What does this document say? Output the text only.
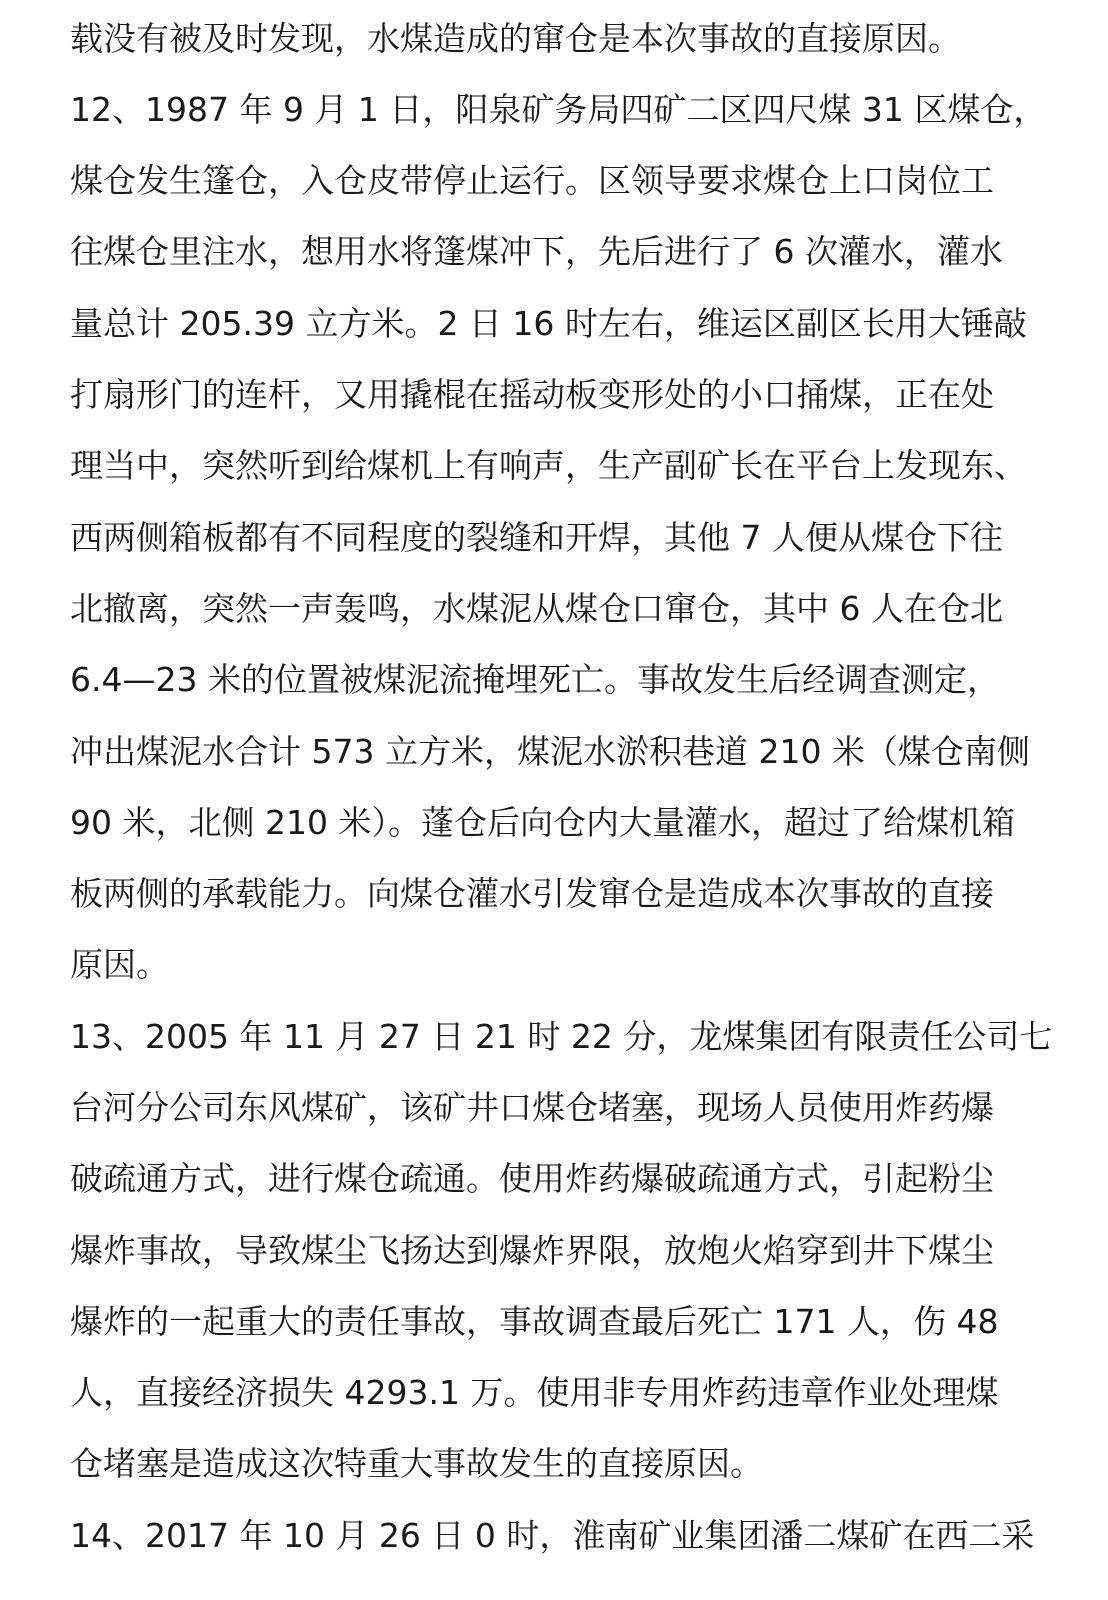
载没有被及时发现，水煤造成的窜仓是本次事故的直接原因。
12、1987 年 9 月 1 日，阳泉矿务局四矿二区四尺煤 31 区煤仓，
煤仓发生篷仓，入仓皮带停止运行。区领导要求煤仓上口岗位工
往煤仓里注水，想用水将篷煤冲下，先后进行了 6 次灌水，灌水
量总计 205.39 立方米。2 日 16 时左右，维运区副区长用大锤敲
打扇形门的连杆，又用撬棍在摇动板变形处的小口捅煤，正在处
理当中，突然听到给煤机上有响声，生产副矿长在平台上发现东、
西两侧箱板都有不同程度的裂缝和开焊，其他 7 人便从煤仓下往
北撤离，突然一声轰鸣，水煤泥从煤仓口窜仓，其中 6 人在仓北
6.4—23 米的位置被煤泥流掩埋死亡。事故发生后经调查测定，
冲出煤泥水合计 573 立方米，煤泥水淤积巷道 210 米（煤仓南侧
90 米，北侧 210 米）。蓬仓后向仓内大量灌水，超过了给煤机箱
板两侧的承载能力。向煤仓灌水引发窜仓是造成本次事故的直接
原因。
13、2005 年 11 月 27 日 21 时 22 分，龙煤集团有限责任公司七
台河分公司东风煤矿，该矿井口煤仓堵塞，现场人员使用炸药爆
破疏通方式，进行煤仓疏通。使用炸药爆破疏通方式，引起粉尘
爆炸事故，导致煤尘飞扬达到爆炸界限，放炮火焰穿到井下煤尘
爆炸的一起重大的责任事故，事故调查最后死亡 171 人，伤 48
人，直接经济损失 4293.1 万。使用非专用炸药违章作业处理煤
仓堵塞是造成这次特重大事故发生的直接原因。
14、2017 年 10 月 26 日 0 时，淮南矿业集团潘二煤矿在西二采
